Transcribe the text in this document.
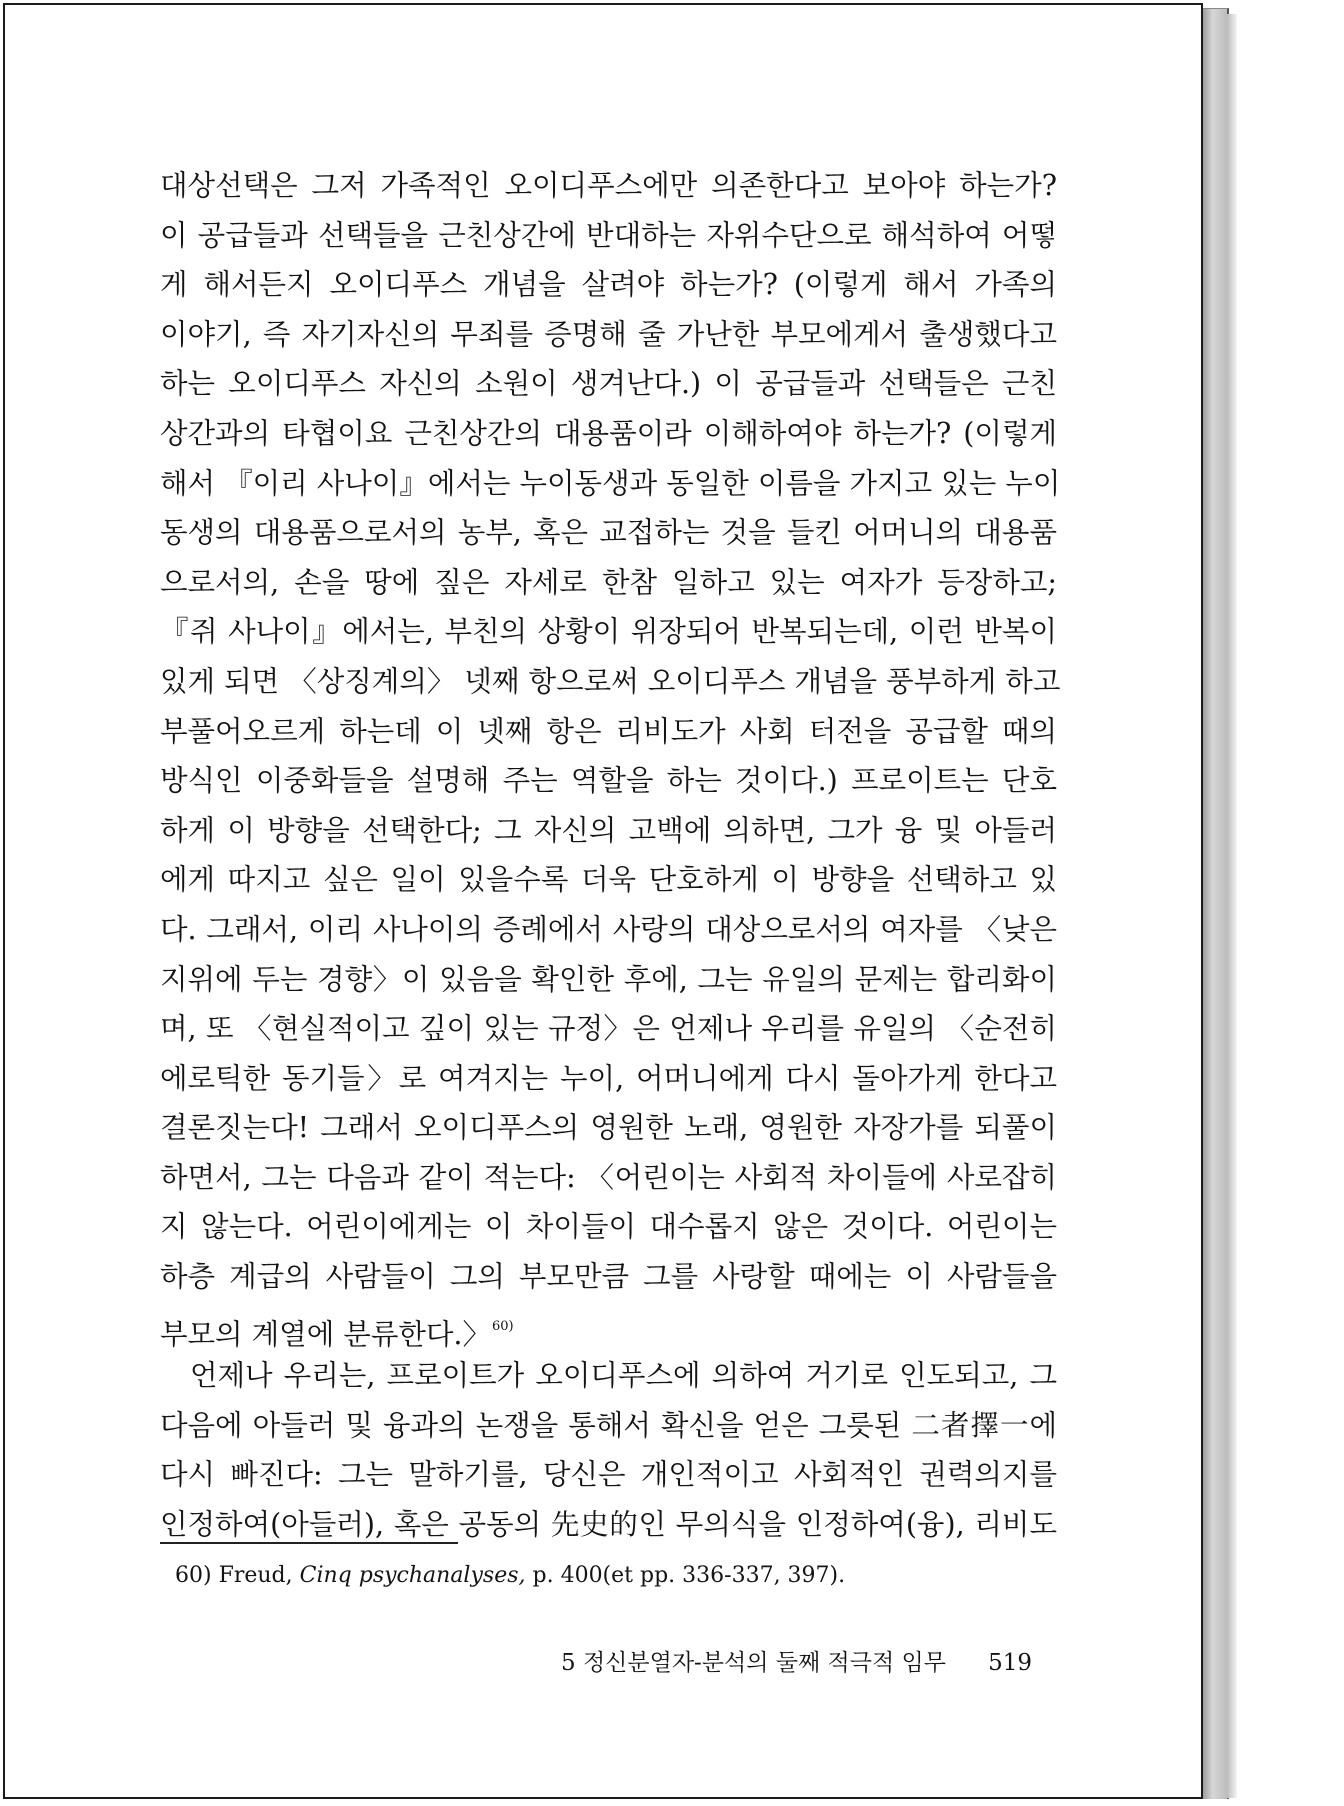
대상선택은 그저 가족적인 오이디푸스에만 의존한다고 보아야 하는가?
이 공급들과 선택들을 근친상간에 반대하는 자위수단으로 해석하여 어떻
게 해서든지 오이디푸스 개념을 살려야 하는가? (이렇게 해서 가족의
이야기, 즉 자기자신의 무죄를 증명해 줄 가난한 부모에게서 출생했다고
하는 오이디푸스 자신의 소원이 생겨난다.) 이 공급들과 선택들은 근친
상간과의 타협이요 근친상간의 대용품이라 이해하여야 하는가? (이렇게
해서 『이리 사나이』에서는 누이동생과 동일한 이름을 가지고 있는 누이
동생의 대용품으로서의 농부, 혹은 교접하는 것을 들킨 어머니의 대용품
으로서의, 손을 땅에 짚은 자세로 한참 일하고 있는 여자가 등장하고;
『쥐 사나이』에서는, 부친의 상황이 위장되어 반복되는데, 이런 반복이
있게 되면 〈상징계의〉 넷째 항으로써 오이디푸스 개념을 풍부하게 하고
부풀어오르게 하는데 이 넷째 항은 리비도가 사회 터전을 공급할 때의
방식인 이중화들을 설명해 주는 역할을 하는 것이다.) 프로이트는 단호
하게 이 방향을 선택한다; 그 자신의 고백에 의하면, 그가 융 및 아들러
에게 따지고 싶은 일이 있을수록 더욱 단호하게 이 방향을 선택하고 있
다. 그래서, 이리 사나이의 증례에서 사랑의 대상으로서의 여자를 〈낮은
지위에 두는 경향〉이 있음을 확인한 후에, 그는 유일의 문제는 합리화이
며, 또 〈현실적이고 깊이 있는 규정〉은 언제나 우리를 유일의 〈순전히
에로틱한 동기들〉로 여겨지는 누이, 어머니에게 다시 돌아가게 한다고
결론짓는다! 그래서 오이디푸스의 영원한 노래, 영원한 자장가를 되풀이
하면서, 그는 다음과 같이 적는다: 〈어린이는 사회적 차이들에 사로잡히
지 않는다. 어린이에게는 이 차이들이 대수롭지 않은 것이다. 어린이는
하층 계급의 사람들이 그의 부모만큼 그를 사랑할 때에는 이 사람들을
부모의 계열에 분류한다.〉$^{60)}$
언제나 우리는, 프로이트가 오이디푸스에 의하여 거기로 인도되고, 그
다음에 아들러 및 융과의 논쟁을 통해서 확신을 얻은 그릇된 二者擇一에
다시 빠진다: 그는 말하기를, 당신은 개인적이고 사회적인 권력의지를
인정하여(아들러), 혹은 공동의 先史的인 무의식을 인정하여(융), 리비도
60) Freud, Cinq psychanalyses, p. 400(et pp. 336-337, 397).
5 정신분열자-분석의 둘째 적극적 임무 519
